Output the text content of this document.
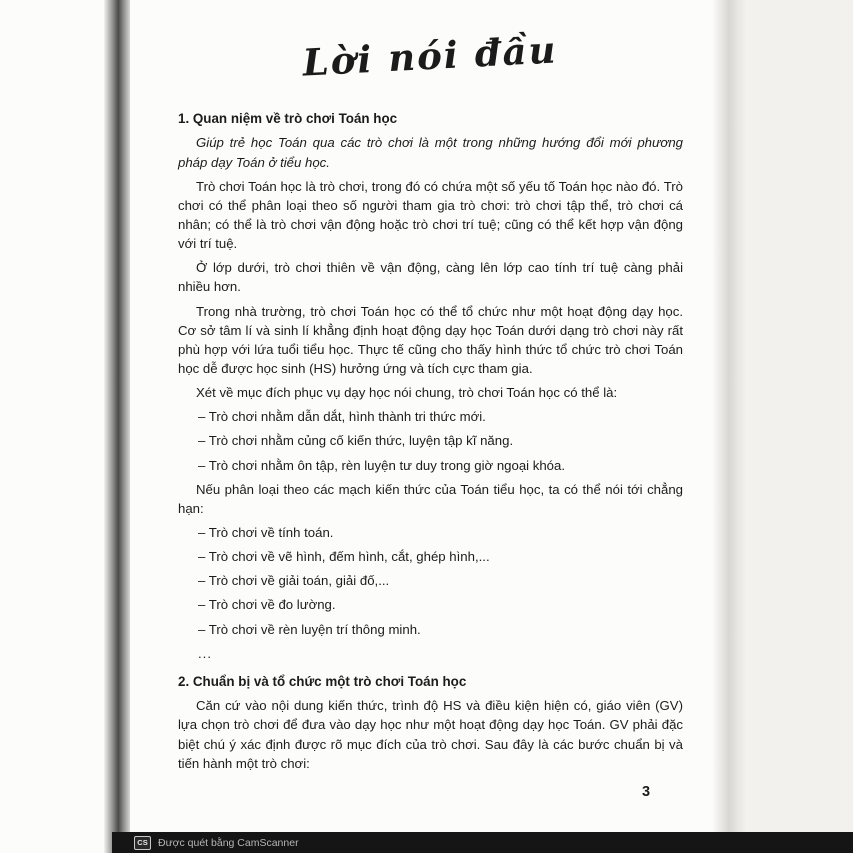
Lời nói đầu
1. Quan niệm về trò chơi Toán học

Giúp trẻ học Toán qua các trò chơi là một trong những hướng đổi mới phương pháp dạy Toán ở tiểu học.

Trò chơi Toán học là trò chơi, trong đó có chứa một số yếu tố Toán học nào đó. Trò chơi có thể phân loại theo số người tham gia trò chơi: trò chơi tập thể, trò chơi cá nhân; có thể là trò chơi vận động hoặc trò chơi trí tuệ; cũng có thể kết hợp vận động với trí tuệ.

Ở lớp dưới, trò chơi thiên về vận động, càng lên lớp cao tính trí tuệ càng phải nhiều hơn.

Trong nhà trường, trò chơi Toán học có thể tổ chức như một hoạt động dạy học. Cơ sở tâm lí và sinh lí khẳng định hoạt động dạy học Toán dưới dạng trò chơi này rất phù hợp với lứa tuổi tiểu học. Thực tế cũng cho thấy hình thức tổ chức trò chơi Toán học dễ được học sinh (HS) hưởng ứng và tích cực tham gia.

Xét về mục đích phục vụ dạy học nói chung, trò chơi Toán học có thể là:

– Trò chơi nhằm dẫn dắt, hình thành tri thức mới.

– Trò chơi nhằm củng cố kiến thức, luyện tập kĩ năng.

– Trò chơi nhằm ôn tập, rèn luyện tư duy trong giờ ngoại khóa.

Nếu phân loại theo các mạch kiến thức của Toán tiểu học, ta có thể nói tới chẳng hạn:

– Trò chơi về tính toán.

– Trò chơi về vẽ hình, đếm hình, cắt, ghép hình,...

– Trò chơi về giải toán, giải đố,...

– Trò chơi về đo lường.

– Trò chơi về rèn luyện trí thông minh.

...

2. Chuẩn bị và tổ chức một trò chơi Toán học

Căn cứ vào nội dung kiến thức, trình độ HS và điều kiện hiện có, giáo viên (GV) lựa chọn trò chơi để đưa vào dạy học như một hoạt động dạy học Toán. GV phải đặc biệt chú ý xác định được rõ mục đích của trò chơi. Sau đây là các bước chuẩn bị và tiến hành một trò chơi:

3
CS Được quét bằng CamScanner
